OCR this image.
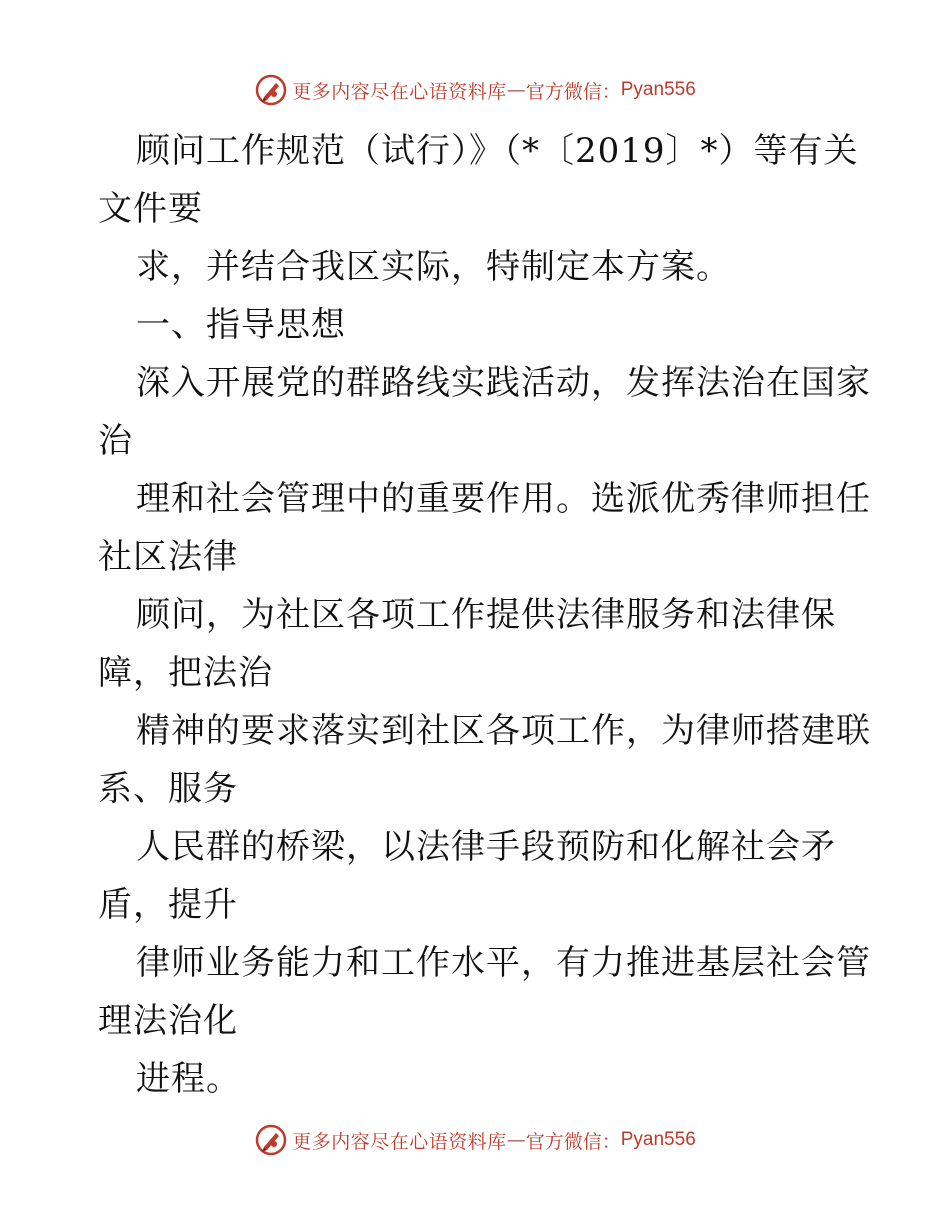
更多内容尽在心语资料库 — 官方微信： Pyan556
顾问工作规范（试行）》（*〔2019〕*）等有关
文件要
求，并结合我区实际，特制定本方案。
一、指导思想
深入开展党的群路线实践活动，发挥法治在国家
治
理和社会管理中的重要作用。选派优秀律师担任
社区法律
顾问，为社区各项工作提供法律服务和法律保
障，把法治
精神的要求落实到社区各项工作，为律师搭建联
系、服务
人民群的桥梁，以法律手段预防和化解社会矛
盾，提升
律师业务能力和工作水平，有力推进基层社会管
理法治化
进程。
更多内容尽在心语资料库 — 官方微信： Pyan556
